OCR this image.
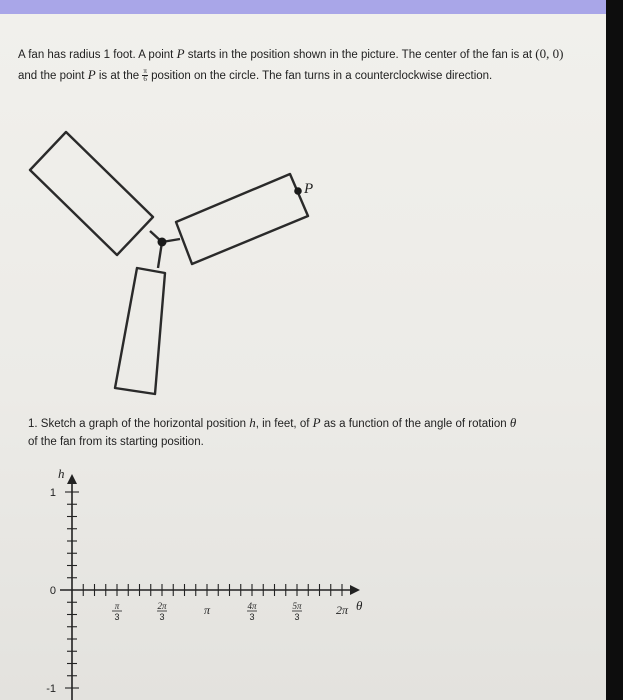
A fan has radius 1 foot. A point P starts in the position shown in the picture. The center of the fan is at (0, 0) and the point P is at the $\frac{\pi}{6}$ position on the circle. The fan turns in a counterclockwise direction.
P
1. Sketch a graph of the horizontal position h, in feet, of P as a function of the angle of rotation θ
of the fan from its starting position.
1
0
-1
h
θ
π
3
2π
3	π	4π
3
5π
3	2π
